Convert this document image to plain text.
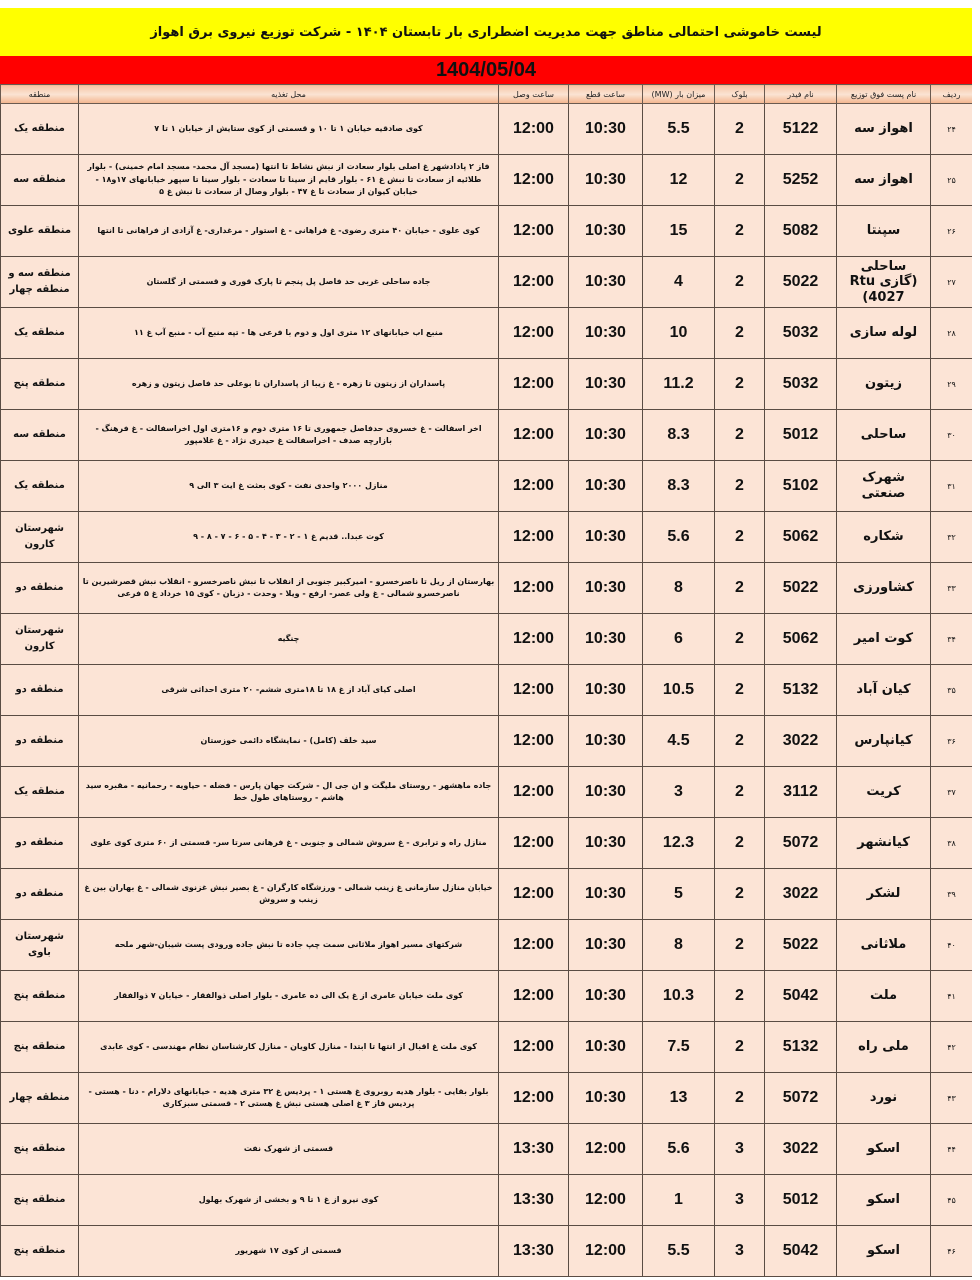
لیست خاموشی احتمالی مناطق جهت مدیریت اضطراری بار تابستان ۱۴۰۴ - شرکت توزیع نیروی برق اهواز
1404/05/04
ردیف	نام پست فوق توزیع	نام فیدر	بلوک	میزان بار (MW)	ساعت قطع	ساعت وصل	محل تغذیه	منطقه
۲۴	اهواز سه	5122	2	5.5	10:30	12:00	کوی صادقیه خیابان ۱ تا ۱۰ و قسمتی از کوی ستایش از خیابان ۱ تا ۷	منطقه یک
۲۵	اهواز سه	5252	2	12	10:30	12:00	فاز ۲ پادادشهر غ اصلی بلوار سعادت از نبش نشاط تا انتها (مسجد آل محمد- مسجد امام خمینی) - بلوار طلائیه از سعادت تا نبش غ ۶۱ - بلوار قایم از سینا تا سعادت - بلوار سینا تا سپهر خیابانهای ۱۷و۱۸ - خیابان کیوان از سعادت تا غ ۴۷ - بلوار وصال از سعادت تا نبش غ ۵	منطقه سه
۲۶	سپنتا	5082	2	15	10:30	12:00	کوی علوی - خیابان ۴۰ متری رضوی- غ فراهانی - غ استوار - مرغداری- غ آزادی از فراهانی تا انتها	منطقه علوی
۲۷	ساحلی (گازی Rtu 4027)	5022	2	4	10:30	12:00	جاده ساحلی غربی حد فاصل پل پنجم تا پارک قوری و قسمتی از گلستان	منطقه سه و منطقه چهار
۲۸	لوله سازی	5032	2	10	10:30	12:00	منبع اب خیابانهای ۱۲ متری اول و دوم با فرعی ها - تپه منبع آب - منبع آب غ ۱۱	منطقه یک
۲۹	زیتون	5032	2	11.2	10:30	12:00	پاسداران از زیتون تا زهره - غ زیبا از پاسداران تا بوعلی حد فاصل زیتون و زهره	منطقه پنج
۳۰	ساحلی	5012	2	8.3	10:30	12:00	اخر اسفالت - غ خسروی حدفاصل جمهوری تا ۱۶ متری دوم و ۱۶متری اول اخراسفالت - غ فرهنگ - بازارچه صدف - اخراسفالت غ حیدری نژاد - غ غلامپور	منطقه سه
۳۱	شهرک صنعتی	5102	2	8.3	10:30	12:00	منازل ۲۰۰۰ واحدی نفت - کوی بعثت غ ایت ۳ الی ۹	منطقه یک
۳۲	شکاره	5062	2	5.6	10:30	12:00	کوت عبدا.. قدیم غ ۱ - ۲ - ۳ - ۴ - ۵ - ۶ - ۷ - ۸ - ۹	شهرستان کارون
۳۳	کشاورزی	5022	2	8	10:30	12:00	بهارستان از ریل تا ناصرخسرو - امیرکبیر جنوبی از انقلاب تا نبش ناصرخسرو - انقلاب نبش قصرشیرین تا ناصرخسرو شمالی - غ ولی عصر- ارفع - ویلا - وحدت - دزبان - کوی ۱۵ خرداد غ ۵ فرعی	منطقه دو
۳۴	کوت امیر	5062	2	6	10:30	12:00	چنگیه	شهرستان کارون
۳۵	کیان آباد	5132	2	10.5	10:30	12:00	اصلی کیای آباد از غ ۱۸ تا ۱۸متری ششم- ۲۰ متری احداثی شرقی	منطقه دو
۳۶	کیانپارس	3022	2	4.5	10:30	12:00	سید خلف (کامل) - نمایشگاه دائمی خوزستان	منطقه دو
۳۷	کریت	3112	2	3	10:30	12:00	جاده ماهشهر - روستای ملیگت و ان جی ال - شرکت جهان پارس - فضله - حیاویه - رحمانیه - مقبره سید هاشم - روستاهای طول خط	منطقه یک
۳۸	کیانشهر	5072	2	12.3	10:30	12:00	منازل راه و ترابری - غ سروش شمالی و جنوبی - غ فرهانی سرتا سر- قسمتی از ۶۰ متری کوی علوی	منطقه دو
۳۹	لشکر	3022	2	5	10:30	12:00	خیابان منازل سازمانی غ زینب شمالی - ورزشگاه کارگران - غ بصیر نبش غزنوی شمالی - غ بهاران بین غ زینب و سروش	منطقه دو
۴۰	ملاثانی	5022	2	8	10:30	12:00	شرکتهای مسیر اهواز ملاثانی سمت چپ جاده تا نبش جاده ورودی پست شیبان-شهر ملحه	شهرستان باوی
۴۱	ملت	5042	2	10.3	10:30	12:00	کوی ملت خیابان عامری از غ یک الی ده عامری - بلوار اصلی ذوالفقار - خیابان ۷ ذوالفقار	منطقه پنج
۴۲	ملی راه	5132	2	7.5	10:30	12:00	کوی ملت غ اقبال از انتها تا ابتدا - منازل کاویان - منازل کارشناسان نظام مهندسی - کوی عابدی	منطقه پنج
۴۳	نورد	5072	2	13	10:30	12:00	بلوار بقایی - بلوار هدیه روبروی غ هستی ۱ - پردیس غ ۳۲ متری هدیه - خیابانهای دلارام - دنا - هستی - پردیس فاز ۳ غ اصلی هستی نبش غ هستی ۲ - قسمتی سبزکاری	منطقه چهار
۴۴	اسکو	3022	3	5.6	12:00	13:30	قسمتی از شهرک نفت	منطقه پنج
۴۵	اسکو	5012	3	1	12:00	13:30	کوی نیرو از غ ۱ تا ۹ و بخشی از شهرک بهلول	منطقه پنج
۴۶	اسکو	5042	3	5.5	12:00	13:30	قسمتی از کوی ۱۷ شهریور	منطقه پنج
